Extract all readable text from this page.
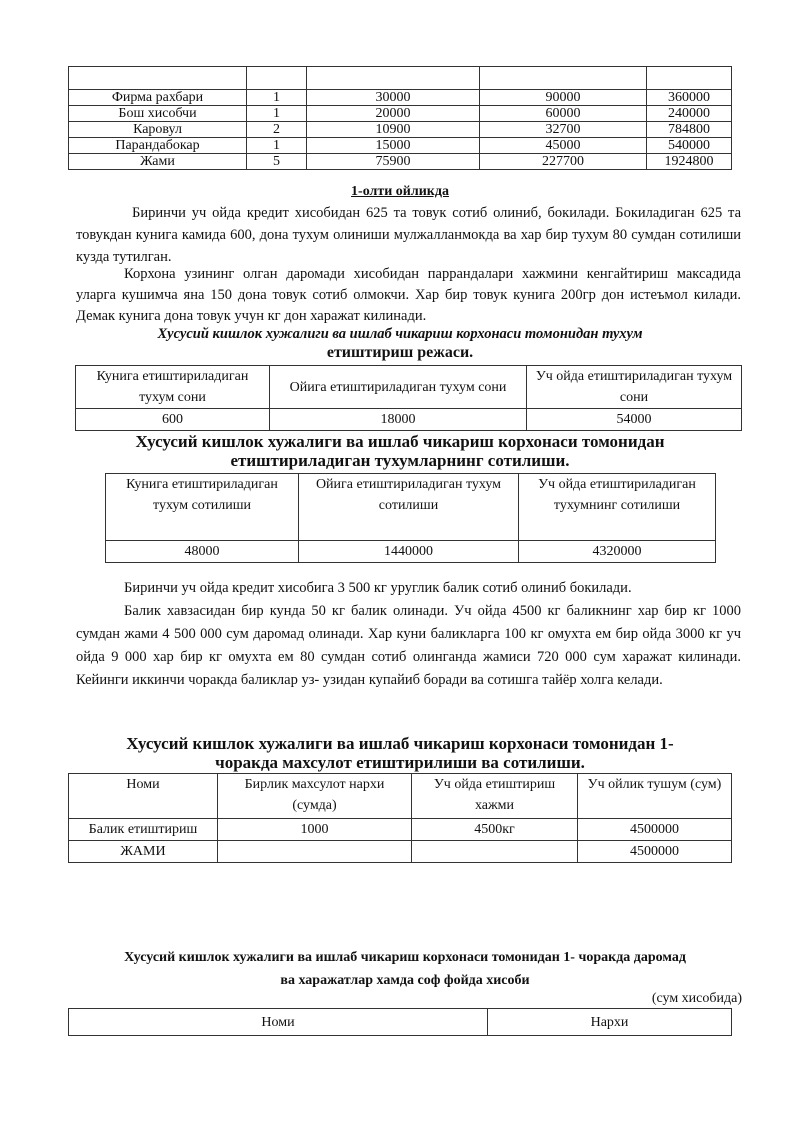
Фирма рахбари	1	30000	90000	360000
Бош хисобчи	1	20000	60000	240000
Каровул	2	10900	32700	784800
Парандабокар	1	15000	45000	540000
Жами	5	75900	227700	1924800

1-олти ойликда

Биринчи уч ойда кредит хисобидан 625 та товук сотиб олиниб, бокилади. Бокиладиган 625 та товукдан кунига камида 600, дона тухум олиниши мулжалланмокда ва хар бир тухум 80 сумдан сотилиши кузда тутилган.

Корхона узининг олган даромади хисобидан паррандалари хажмини кенгайтириш максадида уларга кушимча яна 150 дона товук сотиб олмокчи. Хар бир товук кунига 200гр дон истеъмол килади. Демак кунига дона товук учун кг дон харажат килинади.

Хусусий кишлок хужалиги ва ишлаб чикариш корхонаси томонидан тухум

етиштириш режаси.

Кунига етиштириладиган тухум сони	Ойига етиштириладиган тухум сони	Уч ойда етиштириладиган тухум сони
600	18000	54000

Хусусий кишлок хужалиги ва ишлаб чикариш корхонаси томонидан

етиштириладиган тухумларнинг сотилиши.

Кунига етиштириладиган тухум сотилиши	Ойига етиштириладиган тухум сотилиши	Уч ойда етиштириладиган тухумнинг сотилиши
48000	1440000	4320000

Биринчи уч ойда кредит хисобига 3 500 кг уруглик балик сотиб олиниб бокилади.

Балик хавзасидан бир кунда 50 кг балик олинади. Уч ойда 4500 кг баликнинг хар бир кг 1000 сумдан жами 4 500 000 сум даромад олинади. Хар куни баликларга 100 кг омухта ем бир ойда 3000 кг уч ойда 9 000 хар бир кг омухта ем 80 сумдан сотиб олинганда жамиси 720 000 сум харажат килинади. Кейинги иккинчи чоракда баликлар уз- узидан купайиб боради ва сотишга тайёр холга келади.

Хусусий кишлок хужалиги ва ишлаб чикариш корхонаси томонидан 1-

чоракда махсулот етиштирилиши ва сотилиши.

Номи	Бирлик махсулот нархи (сумда)	Уч ойда етиштириш хажми	Уч ойлик тушум (сум)
Балик етиштириш	1000	4500кг	4500000
ЖАМИ			4500000

Хусусий кишлок хужалиги ва ишлаб чикариш корхонаси томонидан 1- чоракда даромад

ва харажатлар хамда соф фойда хисоби

(сум хисобида)
Номи	Нархи
